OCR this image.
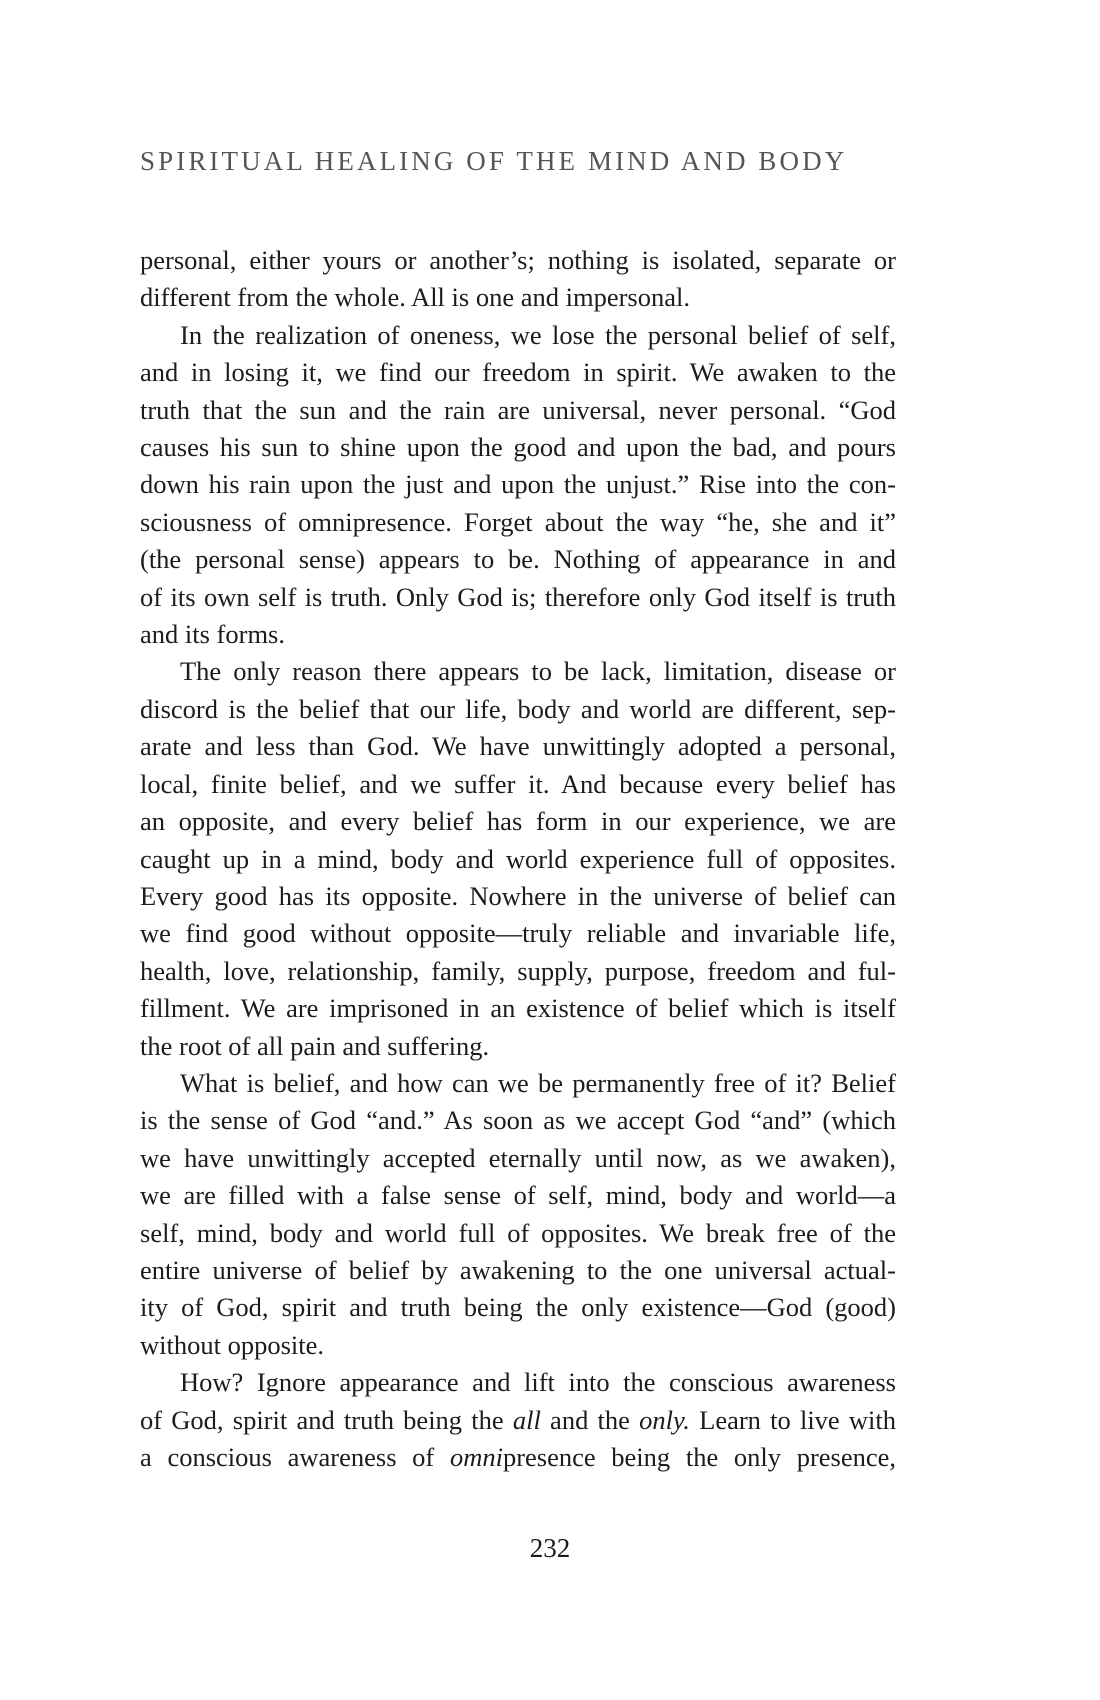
SPIRITUAL HEALING OF THE MIND AND BODY

personal, either yours or another’s; nothing is isolated, separate or
different from the whole. All is one and impersonal.

In the realization of oneness, we lose the personal belief of self,
and in losing it, we find our freedom in spirit. We awaken to the
truth that the sun and the rain are universal, never personal. “God
causes his sun to shine upon the good and upon the bad, and pours
down his rain upon the just and upon the unjust.” Rise into the con-
sciousness of omnipresence. Forget about the way “he, she and it”
(the personal sense) appears to be. Nothing of appearance in and
of its own self is truth. Only God is; therefore only God itself is truth
and its forms.

The only reason there appears to be lack, limitation, disease or
discord is the belief that our life, body and world are different, sep-
arate and less than God. We have unwittingly adopted a personal,
local, finite belief, and we suffer it. And because every belief has
an opposite, and every belief has form in our experience, we are
caught up in a mind, body and world experience full of opposites.
Every good has its opposite. Nowhere in the universe of belief can
we find good without opposite—truly reliable and invariable life,
health, love, relationship, family, supply, purpose, freedom and ful-
fillment. We are imprisoned in an existence of belief which is itself
the root of all pain and suffering.

What is belief, and how can we be permanently free of it? Belief
is the sense of God “and.” As soon as we accept God “and” (which
we have unwittingly accepted eternally until now, as we awaken),
we are filled with a false sense of self, mind, body and world—a
self, mind, body and world full of opposites. We break free of the
entire universe of belief by awakening to the one universal actual-
ity of God, spirit and truth being the only existence—God (good)
without opposite.

How? Ignore appearance and lift into the conscious awareness
of God, spirit and truth being the all and the only. Learn to live with
a conscious awareness of omnipresence being the only presence,

232
